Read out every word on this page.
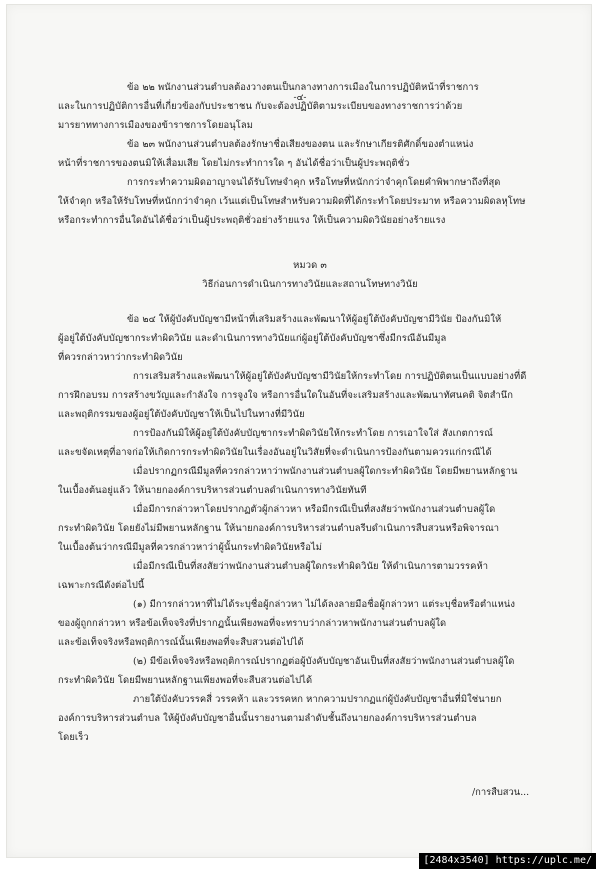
-๔-

ข้อ ๒๒ พนักงานส่วนตำบลต้องวางตนเป็นกลางทางการเมืองในการปฏิบัติหน้าที่ราชการ
และในการปฏิบัติการอื่นที่เกี่ยวข้องกับประชาชน กับจะต้องปฏิบัติตามระเบียบของทางราชการว่าด้วย
มารยาททางการเมืองของข้าราชการโดยอนุโลม

ข้อ ๒๓ พนักงานส่วนตำบลต้องรักษาชื่อเสียงของตน และรักษาเกียรติศักดิ์ของตำแหน่ง
หน้าที่ราชการของตนมิให้เสื่อมเสีย โดยไม่กระทำการใด ๆ อันได้ชื่อว่าเป็นผู้ประพฤติชั่ว

การกระทำความผิดอาญาจนได้รับโทษจำคุก หรือโทษที่หนักกว่าจำคุกโดยคำพิพากษาถึงที่สุด
ให้จำคุก หรือให้รับโทษที่หนักกว่าจำคุก เว้นแต่เป็นโทษสำหรับความผิดที่ได้กระทำโดยประมาท หรือความผิดลหุโทษ
หรือกระทำการอื่นใดอันได้ชื่อว่าเป็นผู้ประพฤติชั่วอย่างร้ายแรง ให้เป็นความผิดวินัยอย่างร้ายแรง

หมวด ๓
วิธีก่อนการดำเนินการทางวินัยและสถานโทษทางวินัย

ข้อ ๒๔ ให้ผู้บังคับบัญชามีหน้าที่เสริมสร้างและพัฒนาให้ผู้อยู่ใต้บังคับบัญชามีวินัย ป้องกันมิให้
ผู้อยู่ใต้บังคับบัญชากระทำผิดวินัย และดำเนินการทางวินัยแก่ผู้อยู่ใต้บังคับบัญชาซึ่งมีกรณีอันมีมูล
ที่ควรกล่าวหาว่ากระทำผิดวินัย

การเสริมสร้างและพัฒนาให้ผู้อยู่ใต้บังคับบัญชามีวินัยให้กระทำโดย การปฏิบัติตนเป็นแบบอย่างที่ดี
การฝึกอบรม การสร้างขวัญและกำลังใจ การจูงใจ หรือการอื่นใดในอันที่จะเสริมสร้างและพัฒนาทัศนคติ จิตสำนึก
และพฤติกรรมของผู้อยู่ใต้บังคับบัญชาให้เป็นไปในทางที่มีวินัย

การป้องกันมิให้ผู้อยู่ใต้บังคับบัญชากระทำผิดวินัยให้กระทำโดย การเอาใจใส่ สังเกตการณ์
และขจัดเหตุที่อาจก่อให้เกิดการกระทำผิดวินัยในเรื่องอันอยู่ในวิสัยที่จะดำเนินการป้องกันตามควรแก่กรณีได้

เมื่อปรากฏกรณีมีมูลที่ควรกล่าวหาว่าพนักงานส่วนตำบลผู้ใดกระทำผิดวินัย โดยมีพยานหลักฐาน
ในเบื้องต้นอยู่แล้ว ให้นายกองค์การบริหารส่วนตำบลดำเนินการทางวินัยทันที

เมื่อมีการกล่าวหาโดยปรากฏตัวผู้กล่าวหา หรือมีกรณีเป็นที่สงสัยว่าพนักงานส่วนตำบลผู้ใด
กระทำผิดวินัย โดยยังไม่มีพยานหลักฐาน ให้นายกองค์การบริหารส่วนตำบลรีบดำเนินการสืบสวนหรือพิจารณา
ในเบื้องต้นว่ากรณีมีมูลที่ควรกล่าวหาว่าผู้นั้นกระทำผิดวินัยหรือไม่

เมื่อมีกรณีเป็นที่สงสัยว่าพนักงานส่วนตำบลผู้ใดกระทำผิดวินัย ให้ดำเนินการตามวรรคห้า
เฉพาะกรณีดังต่อไปนี้

(๑) มีการกล่าวหาที่ไม่ได้ระบุชื่อผู้กล่าวหา ไม่ได้ลงลายมือชื่อผู้กล่าวหา แต่ระบุชื่อหรือตำแหน่ง
ของผู้ถูกกล่าวหา หรือข้อเท็จจริงที่ปรากฏนั้นเพียงพอที่จะทราบว่ากล่าวหาพนักงานส่วนตำบลผู้ใด
และข้อเท็จจริงหรือพฤติการณ์นั้นเพียงพอที่จะสืบสวนต่อไปได้

(๒) มีข้อเท็จจริงหรือพฤติการณ์ปรากฏต่อผู้บังคับบัญชาอันเป็นที่สงสัยว่าพนักงานส่วนตำบลผู้ใด
กระทำผิดวินัย โดยมีพยานหลักฐานเพียงพอที่จะสืบสวนต่อไปได้

ภายใต้บังคับวรรคสี่ วรรคห้า และวรรคหก หากความปรากฏแก่ผู้บังคับบัญชาอื่นที่มิใช่นายก
องค์การบริหารส่วนตำบล ให้ผู้บังคับบัญชาอื่นนั้นรายงานตามลำดับชั้นถึงนายกองค์การบริหารส่วนตำบล
โดยเร็ว

/การสืบสวน...
[2484x3540] https://uplc.me/
